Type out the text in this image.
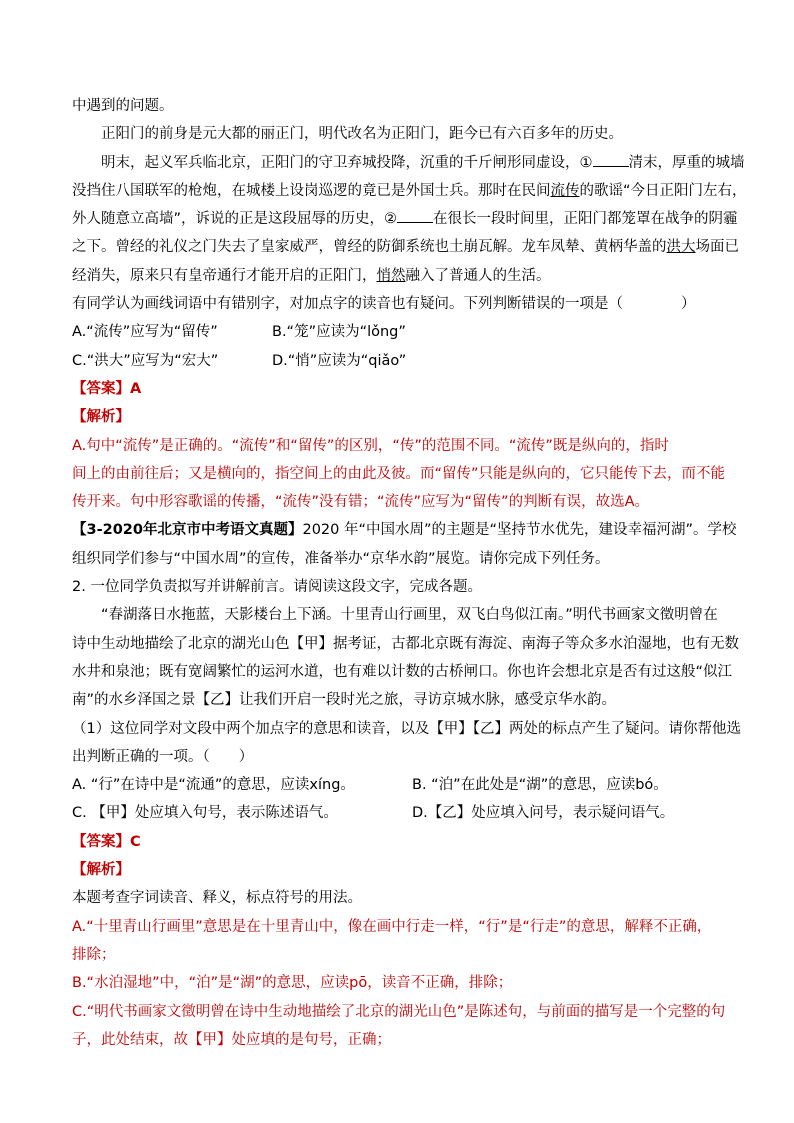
中遇到的问题。
正阳门的前身是元大都的丽正门，明代改名为正阳门，距今已有六百多年的历史。
明末，起义军兵临北京，正阳门的守卫弃城投降，沉重的千斤闸形同虚设，① 清末，厚重的城墙
没挡住八国联军的枪炮，在城楼上设岗巡逻的竟已是外国士兵。那时在民间流传的歌谣“今日正阳门左右，
外人随意立高墙”，诉说的正是这段屈辱的历史，② 在很长一段时间里，正阳门都笼罩在战争的阴霾
之下。曾经的礼仪之门失去了皇家威严，曾经的防御系统也土崩瓦解。龙车凤辇、黄柄华盖的洪大场面已
经消失，原来只有皇帝通行才能开启的正阳门，悄然融入了普通人的生活。
有同学认为画线词语中有错别字，对加点字的读音也有疑问。下列判断错误的一项是（　　　　）
A.“流传”应写为“留传”	B.“笼”应读为“lǒng”
C.“洪大”应写为“宏大”	D.“悄”应读为“qiǎo”
【答案】A
【解析】
A.句中“流传”是正确的。“流传”和“留传”的区别，“传”的范围不同。“流传”既是纵向的，指时
间上的由前往后；又是横向的，指空间上的由此及彼。而“留传”只能是纵向的，它只能传下去，而不能
传开来。句中形容歌谣的传播，“流传”没有错；“流传”应写为“留传”的判断有误，故选A。
【3-2020年北京市中考语文真题】2020 年“中国水周”的主题是“坚持节水优先，建设幸福河湖”。学校
组织同学们参与“中国水周”的宣传，准备举办“京华水韵”展览。请你完成下列任务。
2. 一位同学负责拟写并讲解前言。请阅读这段文字，完成各题。
“春湖落日水拖蓝，天影楼台上下涵。十里青山行画里，双飞白鸟似江南。”明代书画家文徵明曾在
诗中生动地描绘了北京的湖光山色【甲】据考证，古都北京既有海淀、南海子等众多水泊湿地，也有无数
水井和泉池；既有宽阔繁忙的运河水道，也有难以计数的古桥闸口。你也许会想北京是否有过这般“似江
南”的水乡泽国之景【乙】让我们开启一段时光之旅，寻访京城水脉，感受京华水韵。
（1）这位同学对文段中两个加点字的意思和读音，以及【甲】【乙】两处的标点产生了疑问。请你帮他选
出判断正确的一项。（　　）
A. “行”在诗中是“流通”的意思，应读xíng。	B. “泊”在此处是“湖”的意思，应读bó。
C. 【甲】处应填入句号，表示陈述语气。	D.【乙】处应填入问号，表示疑问语气。
【答案】C
【解析】
本题考查字词读音、释义，标点符号的用法。
A.“十里青山行画里”意思是在十里青山中，像在画中行走一样，“行”是“行走”的意思，解释不正确，
排除；
B.“水泊湿地”中，“泊”是“湖”的意思，应读pō，读音不正确，排除；
C.“明代书画家文徵明曾在诗中生动地描绘了北京的湖光山色”是陈述句，与前面的描写是一个完整的句
子，此处结束，故【甲】处应填的是句号，正确；
